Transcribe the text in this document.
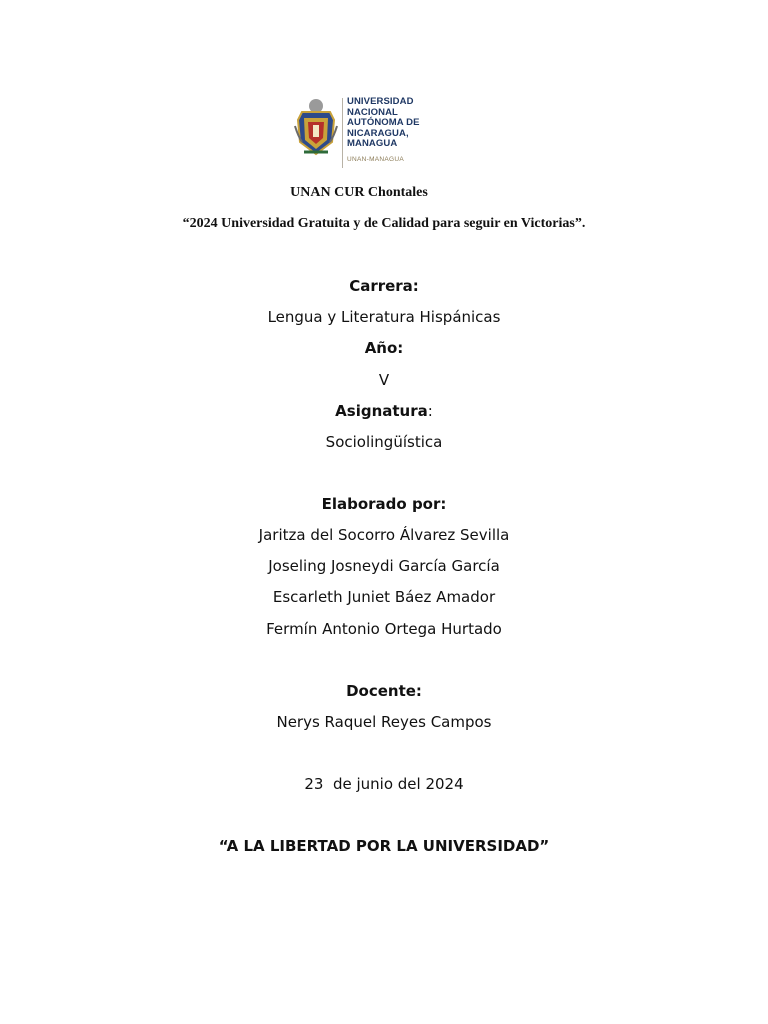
UNIVERSIDAD
NACIONAL
AUTÓNOMA DE
NICARAGUA,
MANAGUA
UNAN-MANAGUA
UNAN CUR Chontales
“2024 Universidad Gratuita y de Calidad para seguir en Victorias”.
Carrera:
Lengua y Literatura Hispánicas
Año:
V
Asignatura:
Sociolingüística
Elaborado por:
Jaritza del Socorro Álvarez Sevilla
Joseling Josneydi García García
Escarleth Juniet Báez Amador
Fermín Antonio Ortega Hurtado
Docente:
Nerys Raquel Reyes Campos
23  de junio del 2024
“A LA LIBERTAD POR LA UNIVERSIDAD”
